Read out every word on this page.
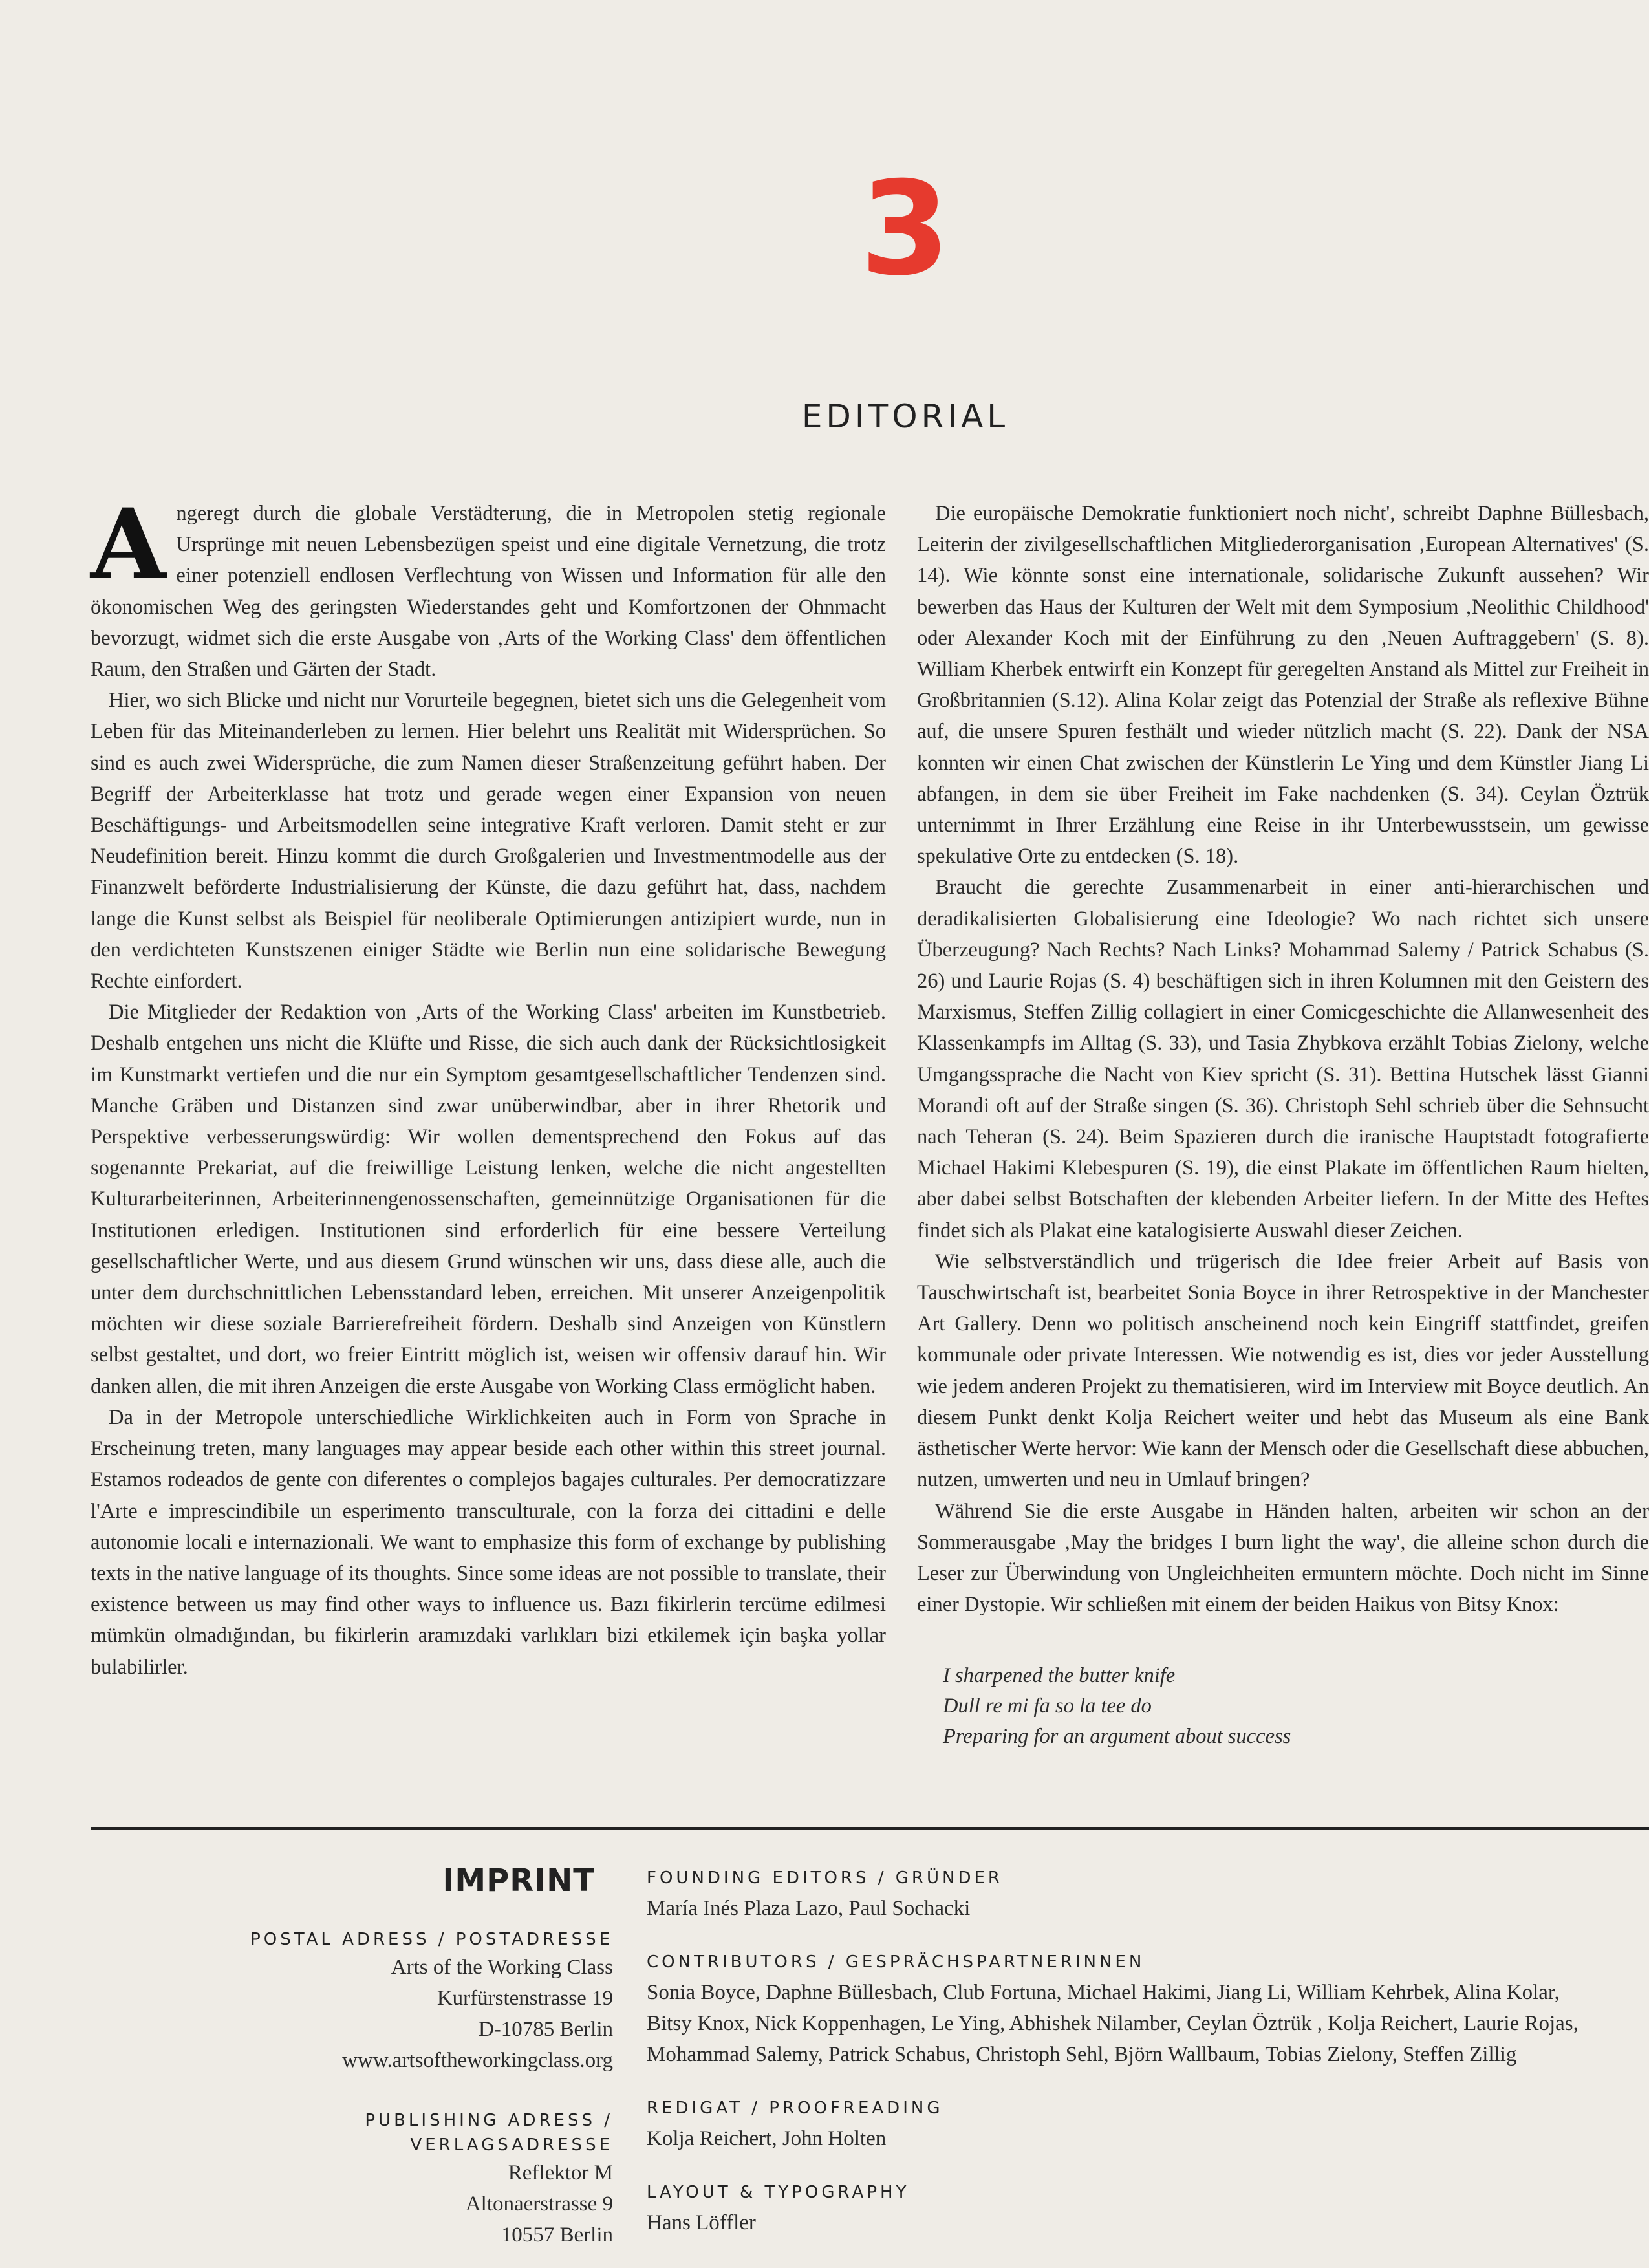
3
EDITORIAL

Angeregt durch die globale Verstädterung, die in Metropolen stetig regionale Ursprünge mit neuen Lebensbezügen speist und eine digitale Vernetzung, die trotz einer potenziell endlosen Verflechtung von Wissen und Information für alle den ökonomischen Weg des geringsten Wiederstandes geht und Komfortzonen der Ohnmacht bevorzugt, widmet sich die erste Ausgabe von ‚Arts of the Working Class' dem öffentlichen Raum, den Straßen und Gärten der Stadt.

Hier, wo sich Blicke und nicht nur Vorurteile begegnen, bietet sich uns die Gelegenheit vom Leben für das Miteinanderleben zu lernen. Hier belehrt uns Realität mit Widersprüchen. So sind es auch zwei Widersprüche, die zum Namen dieser Straßenzeitung geführt haben. Der Begriff der Arbeiterklasse hat trotz und gerade wegen einer Expansion von neuen Beschäftigungs- und Arbeitsmodellen seine integrative Kraft verloren. Damit steht er zur Neudefinition bereit. Hinzu kommt die durch Großgalerien und Investmentmodelle aus der Finanzwelt beförderte Industrialisierung der Künste, die dazu geführt hat, dass, nachdem lange die Kunst selbst als Beispiel für neoliberale Optimierungen antizipiert wurde, nun in den verdichteten Kunstszenen einiger Städte wie Berlin nun eine solidarische Bewegung Rechte einfordert.

Die Mitglieder der Redaktion von ‚Arts of the Working Class' arbeiten im Kunstbetrieb. Deshalb entgehen uns nicht die Klüfte und Risse, die sich auch dank der Rücksichtlosigkeit im Kunstmarkt vertiefen und die nur ein Symptom gesamtgesellschaftlicher Tendenzen sind. Manche Gräben und Distanzen sind zwar unüberwindbar, aber in ihrer Rhetorik und Perspektive verbesserungswürdig: Wir wollen dementsprechend den Fokus auf das sogenannte Prekariat, auf die freiwillige Leistung lenken, welche die nicht angestellten Kulturarbeiterinnen, Arbeiterinnengenossenschaften, gemeinnützige Organisationen für die Institutionen erledigen. Institutionen sind erforderlich für eine bessere Verteilung gesellschaftlicher Werte, und aus diesem Grund wünschen wir uns, dass diese alle, auch die unter dem durchschnittlichen Lebensstandard leben, erreichen. Mit unserer Anzeigenpolitik möchten wir diese soziale Barrierefreiheit fördern. Deshalb sind Anzeigen von Künstlern selbst gestaltet, und dort, wo freier Eintritt möglich ist, weisen wir offensiv darauf hin. Wir danken allen, die mit ihren Anzeigen die erste Ausgabe von Working Class ermöglicht haben.

Da in der Metropole unterschiedliche Wirklichkeiten auch in Form von Sprache in Erscheinung treten, many languages may appear beside each other within this street journal. Estamos rodeados de gente con diferentes o complejos bagajes culturales. Per democratizzare l'Arte e imprescindibile un esperimento transculturale, con la forza dei cittadini e delle autonomie locali e internazionali. We want to emphasize this form of exchange by publishing texts in the native language of its thoughts. Since some ideas are not possible to translate, their existence between us may find other ways to influence us. Bazı fikirlerin tercüme edilmesi mümkün olmadığından, bu fikirlerin aramızdaki varlıkları bizi etkilemek için başka yollar bulabilirler.

Die europäische Demokratie funktioniert noch nicht', schreibt Daphne Büllesbach, Leiterin der zivilgesellschaftlichen Mitgliederorganisation ‚European Alternatives' (S. 14). Wie könnte sonst eine internationale, solidarische Zukunft aussehen? Wir bewerben das Haus der Kulturen der Welt mit dem Symposium ‚Neolithic Childhood' oder Alexander Koch mit der Einführung zu den ‚Neuen Auftraggebern' (S. 8). William Kherbek entwirft ein Konzept für geregelten Anstand als Mittel zur Freiheit in Großbritannien (S.12). Alina Kolar zeigt das Potenzial der Straße als reflexive Bühne auf, die unsere Spuren festhält und wieder nützlich macht (S. 22). Dank der NSA konnten wir einen Chat zwischen der Künstlerin Le Ying und dem Künstler Jiang Li abfangen, in dem sie über Freiheit im Fake nachdenken (S. 34). Ceylan Öztrük unternimmt in Ihrer Erzählung eine Reise in ihr Unterbewusstsein, um gewisse spekulative Orte zu entdecken (S. 18).

Braucht die gerechte Zusammenarbeit in einer anti-hierarchischen und deradikalisierten Globalisierung eine Ideologie? Wo nach richtet sich unsere Überzeugung? Nach Rechts? Nach Links? Mohammad Salemy / Patrick Schabus (S. 26) und Laurie Rojas (S. 4) beschäftigen sich in ihren Kolumnen mit den Geistern des Marxismus, Steffen Zillig collagiert in einer Comicgeschichte die Allanwesenheit des Klassenkampfs im Alltag (S. 33), und Tasia Zhybkova erzählt Tobias Zielony, welche Umgangssprache die Nacht von Kiev spricht (S. 31). Bettina Hutschek lässt Gianni Morandi oft auf der Straße singen (S. 36). Christoph Sehl schrieb über die Sehnsucht nach Teheran (S. 24). Beim Spazieren durch die iranische Hauptstadt fotografierte Michael Hakimi Klebespuren (S. 19), die einst Plakate im öffentlichen Raum hielten, aber dabei selbst Botschaften der klebenden Arbeiter liefern. In der Mitte des Heftes findet sich als Plakat eine katalogisierte Auswahl dieser Zeichen.

Wie selbstverständlich und trügerisch die Idee freier Arbeit auf Basis von Tauschwirtschaft ist, bearbeitet Sonia Boyce in ihrer Retrospektive in der Manchester Art Gallery. Denn wo politisch anscheinend noch kein Eingriff stattfindet, greifen kommunale oder private Interessen. Wie notwendig es ist, dies vor jeder Ausstellung wie jedem anderen Projekt zu thematisieren, wird im Interview mit Boyce deutlich. An diesem Punkt denkt Kolja Reichert weiter und hebt das Museum als eine Bank ästhetischer Werte hervor: Wie kann der Mensch oder die Gesellschaft diese abbuchen, nutzen, umwerten und neu in Umlauf bringen?

Während Sie die erste Ausgabe in Händen halten, arbeiten wir schon an der Sommerausgabe ‚May the bridges I burn light the way', die alleine schon durch die Leser zur Überwindung von Ungleichheiten ermuntern möchte. Doch nicht im Sinne einer Dystopie. Wir schließen mit einem der beiden Haikus von Bitsy Knox:

I sharpened the butter knife
Dull re mi fa so la tee do
Preparing for an argument about success
IMPRINT
POSTAL ADRESS / POSTADRESSE
Arts of the Working Class
Kurfürstenstrasse 19
D-10785 Berlin
www.artsoftheworkingclass.org
PUBLISHING ADRESS / VERLAGSADRESSE
Reflektor M
Altonaerstrasse 9
10557 Berlin
FOUNDING EDITORS / GRÜNDER
María Inés Plaza Lazo, Paul Sochacki
CONTRIBUTORS / GESPRÄCHSPARTNERINNEN
Sonia Boyce, Daphne Büllesbach, Club Fortuna, Michael Hakimi, Jiang Li, William Kehrbek, Alina Kolar,
Bitsy Knox, Nick Koppenhagen, Le Ying, Abhishek Nilamber, Ceylan Öztrük , Kolja Reichert, Laurie Rojas,
Mohammad Salemy, Patrick Schabus, Christoph Sehl, Björn Wallbaum, Tobias Zielony, Steffen Zillig
REDIGAT / PROOFREADING
Kolja Reichert, John Holten
LAYOUT & TYPOGRAPHY
Hans Löffler
